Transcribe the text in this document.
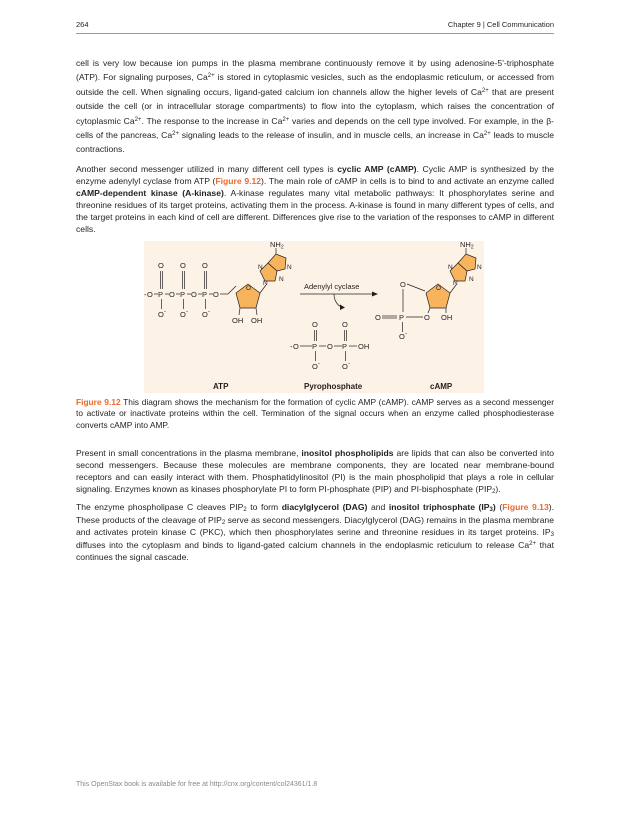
264	Chapter 9 | Cell Communication

cell is very low because ion pumps in the plasma membrane continuously remove it by using adenosine-5'-triphosphate (ATP). For signaling purposes, $Ca^{2+}$ is stored in cytoplasmic vesicles, such as the endoplasmic reticulum, or accessed from outside the cell. When signaling occurs, ligand-gated calcium ion channels allow the higher levels of $Ca^{2+}$ that are present outside the cell (or in intracellular storage compartments) to flow into the cytoplasm, which raises the concentration of cytoplasmic $Ca^{2+}$. The response to the increase in $Ca^{2+}$ varies and depends on the cell type involved. For example, in the β-cells of the pancreas, $Ca^{2+}$ signaling leads to the release of insulin, and in muscle cells, an increase in $Ca^{2+}$ leads to muscle contractions.

Another second messenger utilized in many different cell types is cyclic AMP (cAMP). Cyclic AMP is synthesized by the enzyme adenylyl cyclase from ATP (Figure 9.12). The main role of cAMP in cells is to bind to and activate an enzyme called cAMP-dependent kinase (A-kinase). A-kinase regulates many vital metabolic pathways: It phosphorylates serine and threonine residues of its target proteins, activating them in the process. A-kinase is found in many different types of cells, and the target proteins in each kind of cell are different. Differences give rise to the variation of the responses to cAMP in different cells.

- O P O P O P O
O O O
O - O - O -
O
OH OH
N
N
N
N
$NH_2$
Adenylyl cyclase
O	O
- O P O P OH
O -	O -
O
O
O P	O OH
O -
N
N
N
N
$NH_2$
ATP	Pyrophosphate	cAMP

Figure 9.12 This diagram shows the mechanism for the formation of cyclic AMP (cAMP). cAMP serves as a second messenger to activate or inactivate proteins within the cell. Termination of the signal occurs when an enzyme called phosphodiesterase converts cAMP into AMP.

Present in small concentrations in the plasma membrane, inositol phospholipids are lipids that can also be converted into second messengers. Because these molecules are membrane components, they are located near membrane-bound receptors and can easily interact with them. Phosphatidylinositol (PI) is the main phospholipid that plays a role in cellular signaling. Enzymes known as kinases phosphorylate PI to form PI-phosphate (PIP) and PI-bisphosphate $(PIP_2)$.

The enzyme phospholipase C cleaves $PIP_2$ to form diacylglycerol (DAG) and inositol triphosphate $(IP_3)$ (Figure 9.13). These products of the cleavage of $PIP_2$ serve as second messengers. Diacylglycerol (DAG) remains in the plasma membrane and activates protein kinase C (PKC), which then phosphorylates serine and threonine residues in its target proteins. $IP_3$ diffuses into the cytoplasm and binds to ligand-gated calcium channels in the endoplasmic reticulum to release $Ca^{2+}$ that continues the signal cascade.

This OpenStax book is available for free at http://cnx.org/content/col24361/1.8
